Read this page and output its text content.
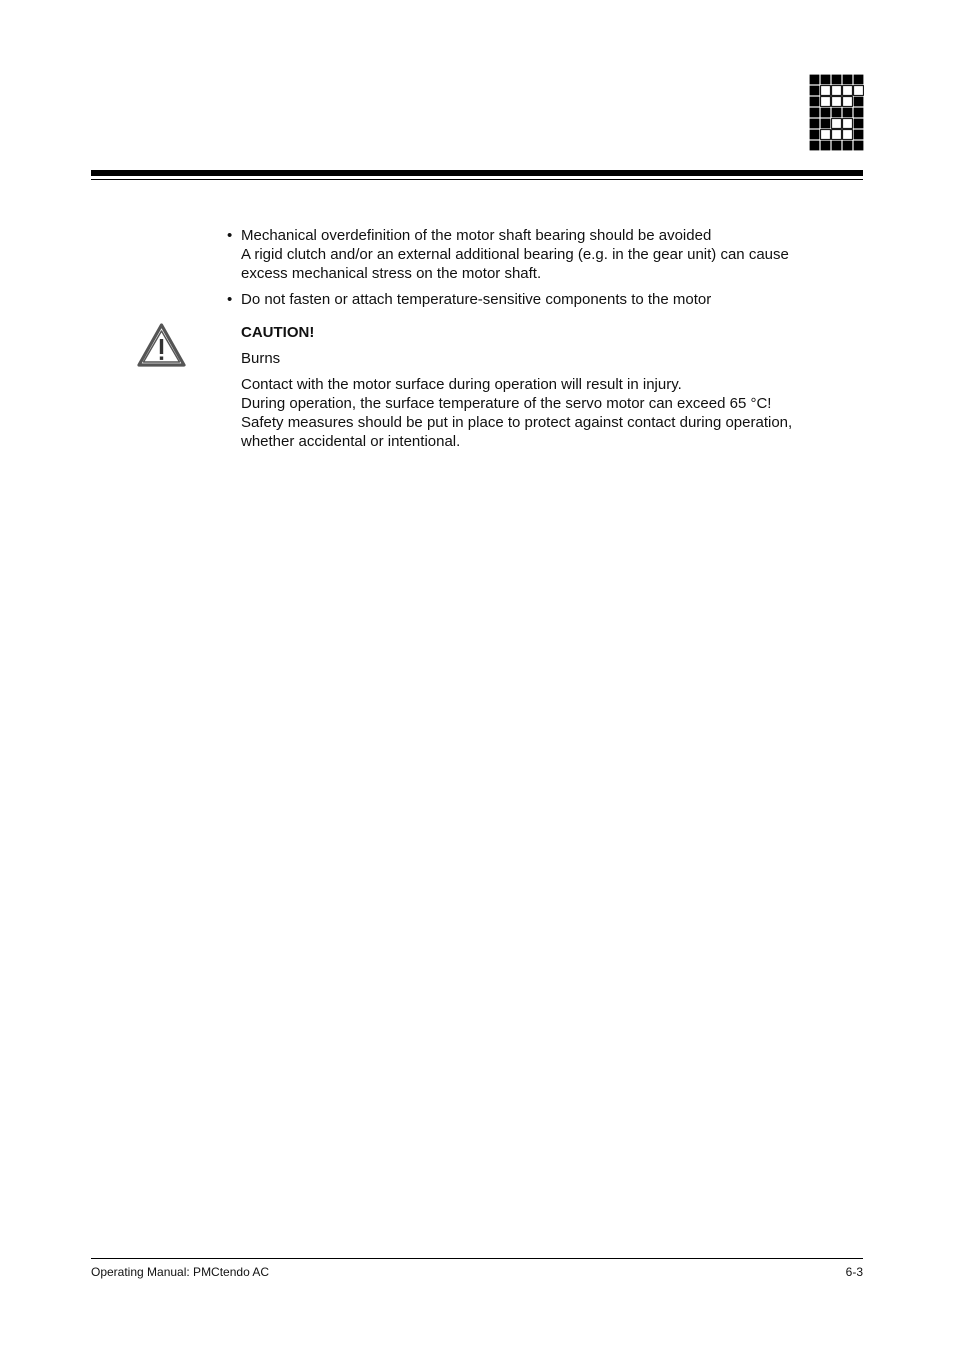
• Mechanical overdefinition of the motor shaft bearing should be avoided
A rigid clutch and/or an external additional bearing (e.g. in the gear unit) can cause
excess mechanical stress on the motor shaft.
• Do not fasten or attach temperature-sensitive components to the motor
CAUTION!
Burns
Contact with the motor surface during operation will result in injury.
During operation, the surface temperature of the servo motor can exceed 65 °C!
Safety measures should be put in place to protect against contact during operation,
whether accidental or intentional.
Operating Manual: PMCtendo AC	6-3
